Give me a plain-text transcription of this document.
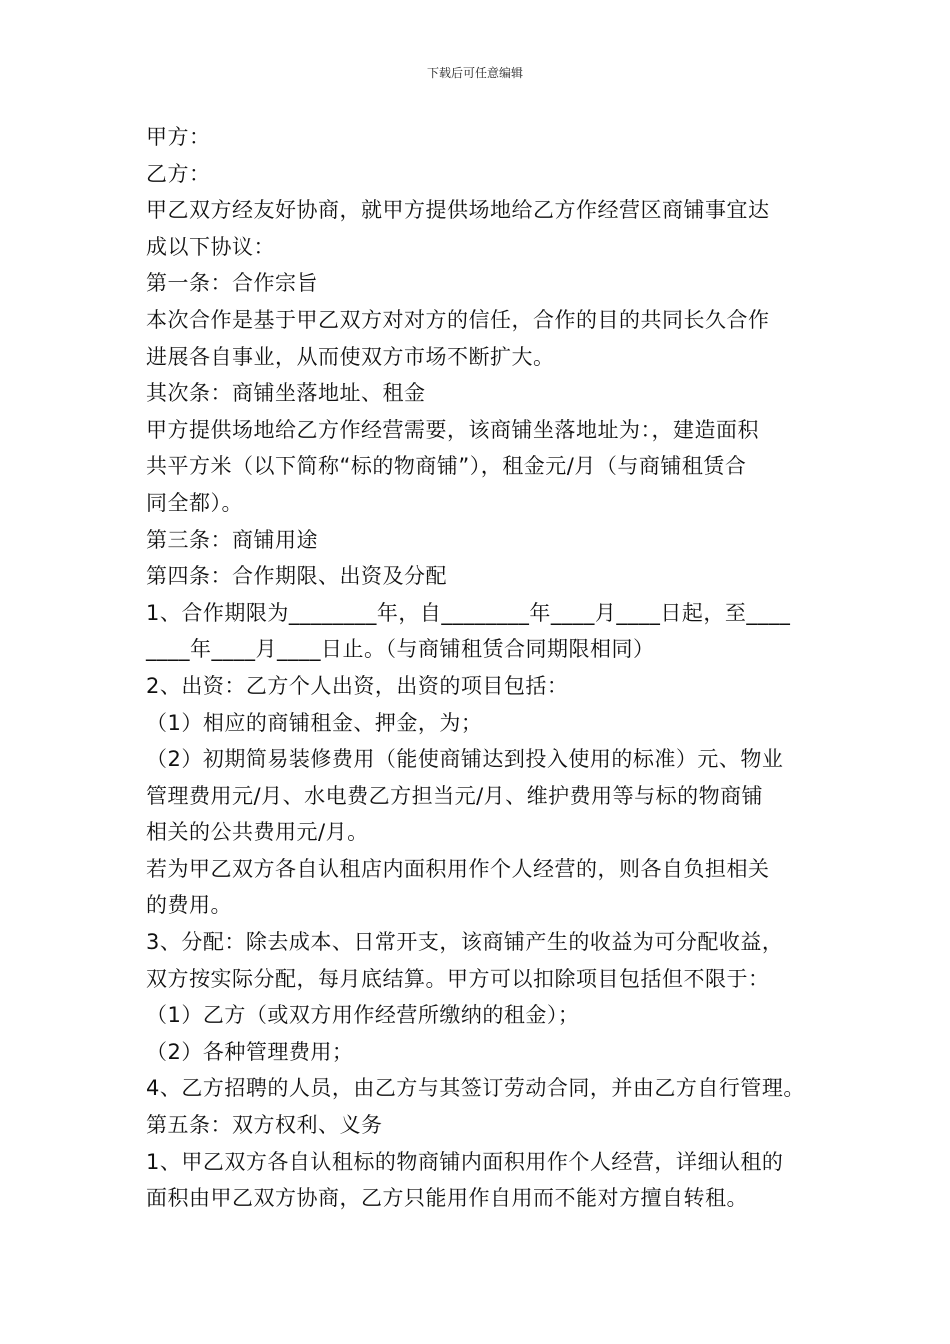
下载后可任意编辑
甲方：
乙方：
甲乙双方经友好协商，就甲方提供场地给乙方作经营区商铺事宜达
成以下协议：
第一条：合作宗旨
本次合作是基于甲乙双方对对方的信任，合作的目的共同长久合作
进展各自事业，从而使双方市场不断扩大。
其次条：商铺坐落地址、租金
甲方提供场地给乙方作经营需要，该商铺坐落地址为：，建造面积
共平方米（以下简称“标的物商铺”），租金元/月（与商铺租赁合
同全都）。
第三条：商铺用途
第四条：合作期限、出资及分配
1、合作期限为________年，自________年____月____日起，至____
____年____月____日止。（与商铺租赁合同期限相同）
2、出资：乙方个人出资，出资的项目包括：
（1）相应的商铺租金、押金，为；
（2）初期简易装修费用（能使商铺达到投入使用的标准）元、物业
管理费用元/月、水电费乙方担当元/月、维护费用等与标的物商铺
相关的公共费用元/月。
若为甲乙双方各自认租店内面积用作个人经营的，则各自负担相关
的费用。
3、分配：除去成本、日常开支，该商铺产生的收益为可分配收益，
双方按实际分配，每月底结算。甲方可以扣除项目包括但不限于：
（1）乙方（或双方用作经营所缴纳的租金）；
（2）各种管理费用；
4、乙方招聘的人员，由乙方与其签订劳动合同，并由乙方自行管理。
第五条：双方权利、义务
1、甲乙双方各自认租标的物商铺内面积用作个人经营，详细认租的
面积由甲乙双方协商，乙方只能用作自用而不能对方擅自转租。
